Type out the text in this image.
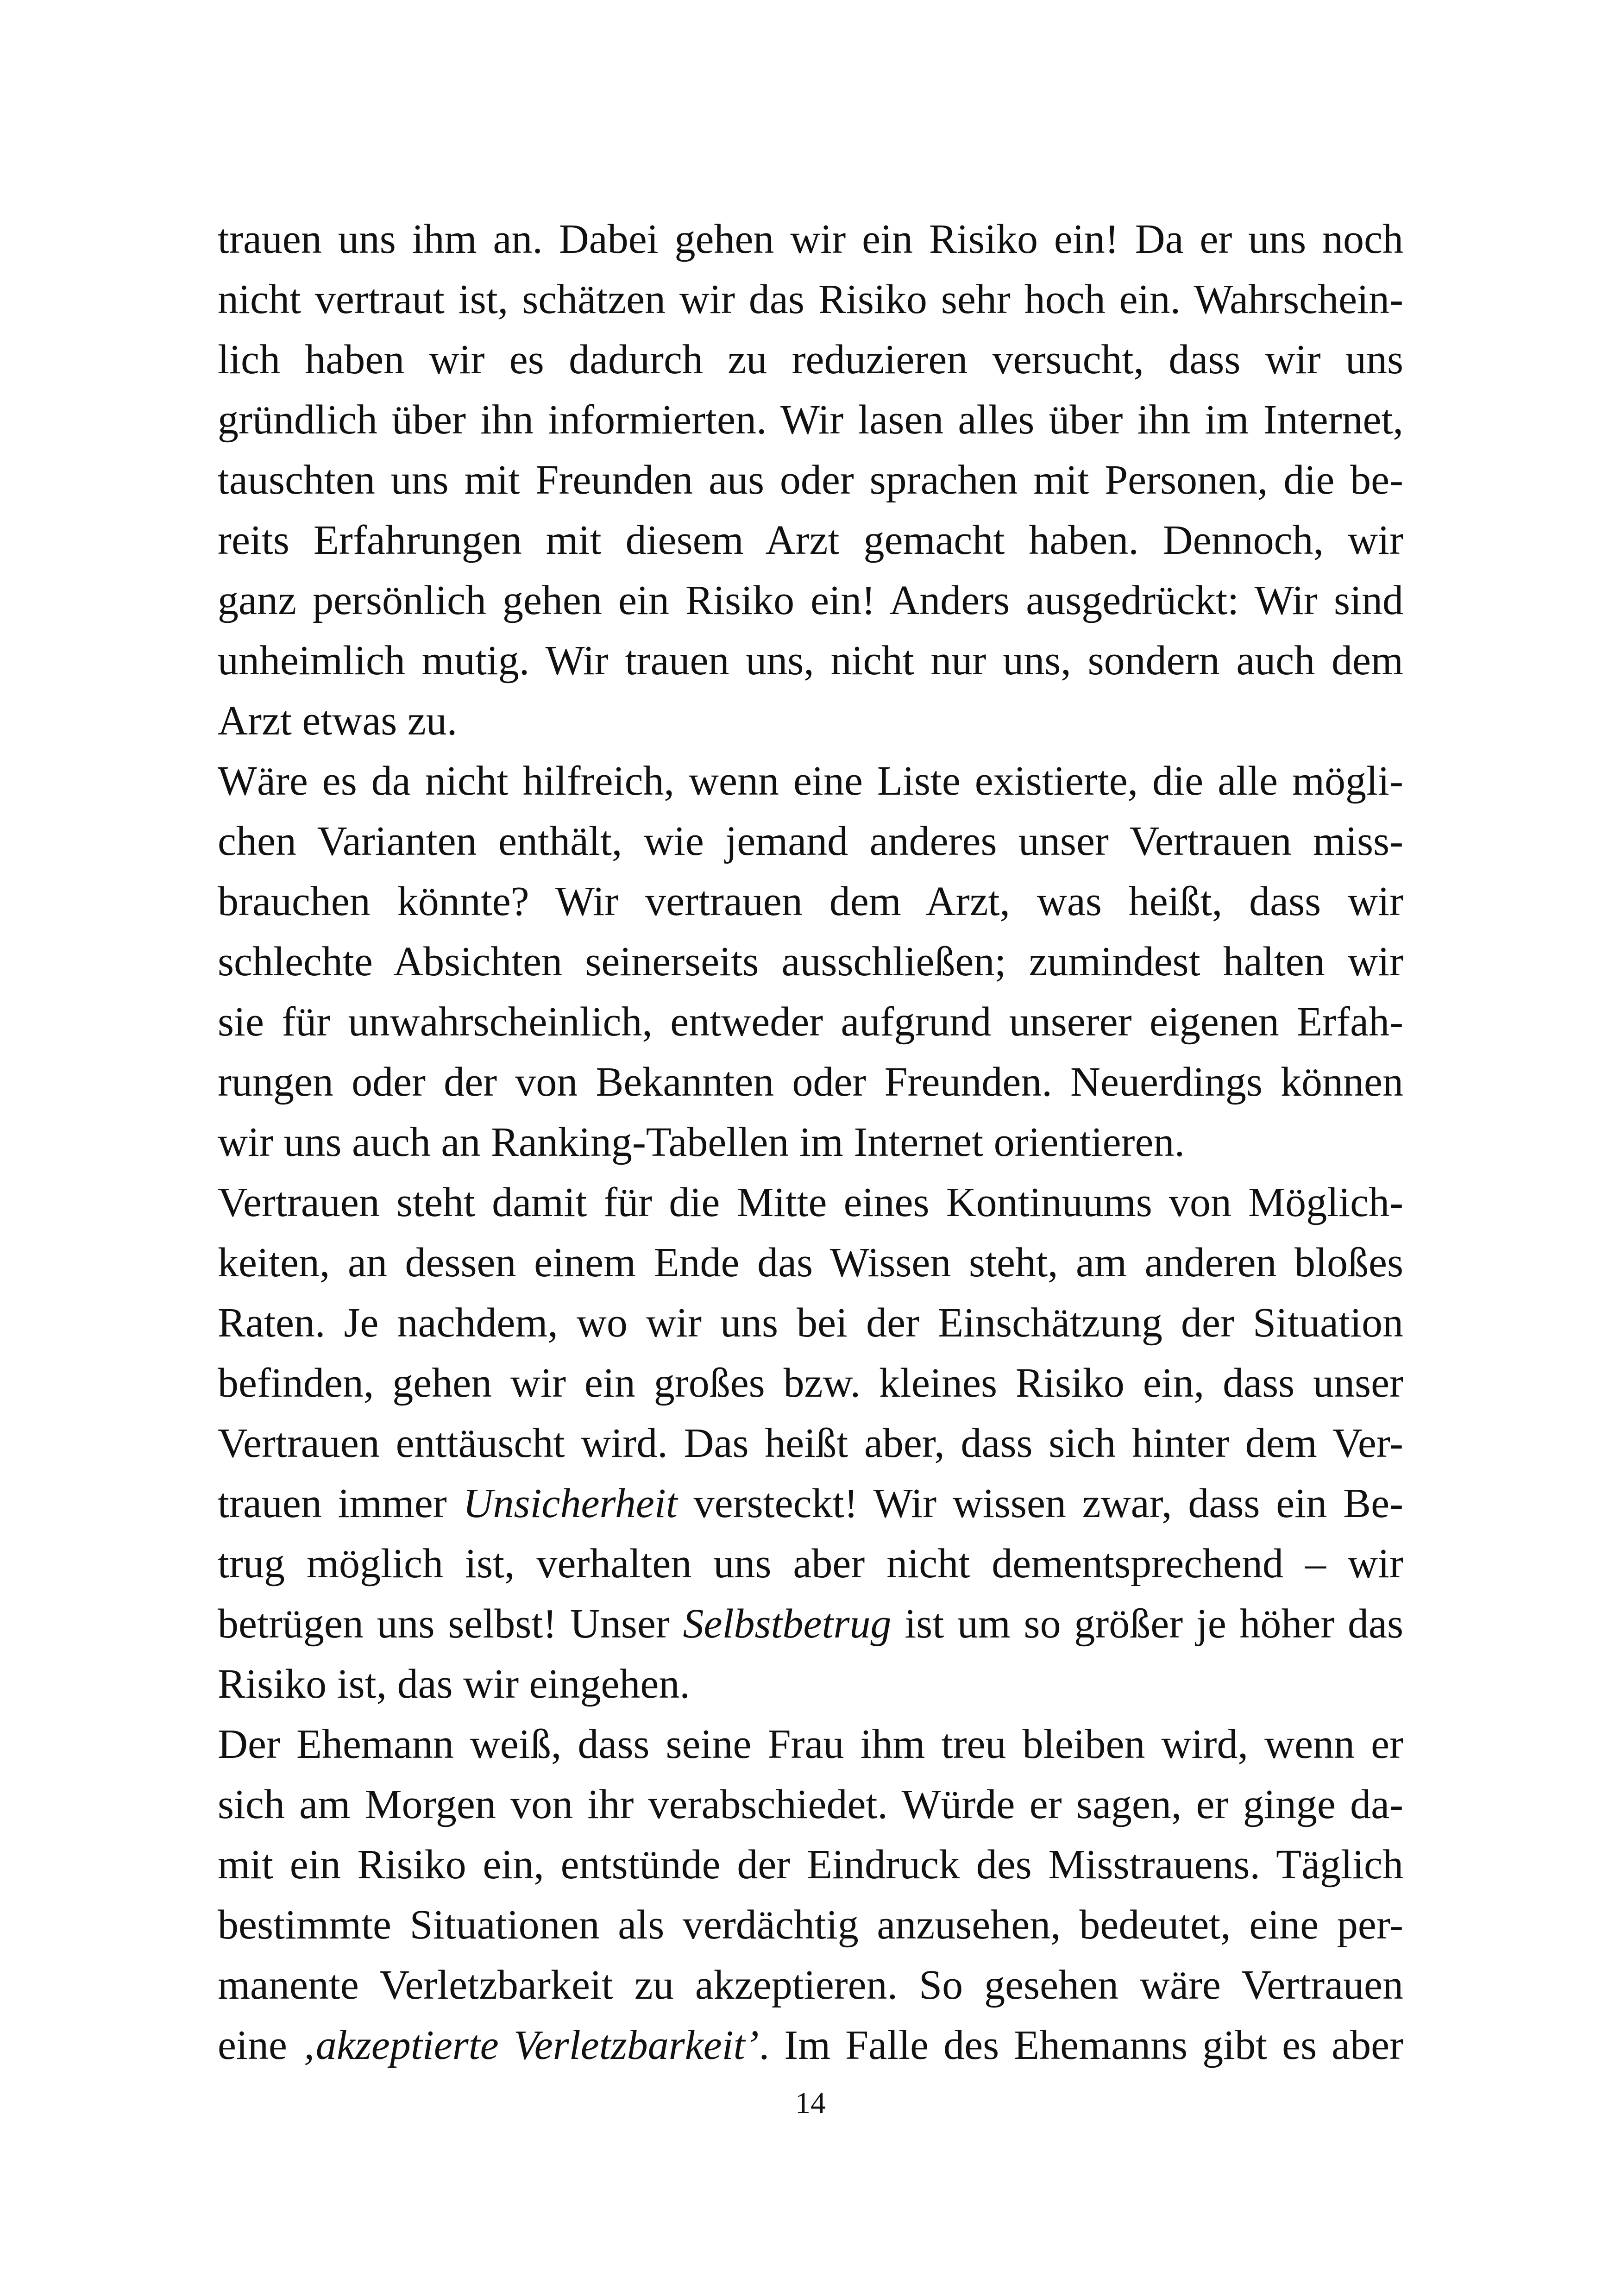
trauen uns ihm an. Dabei gehen wir ein Risiko ein! Da er uns noch
nicht vertraut ist, schätzen wir das Risiko sehr hoch ein. Wahrschein-
lich haben wir es dadurch zu reduzieren versucht, dass wir uns
gründlich über ihn informierten. Wir lasen alles über ihn im Internet,
tauschten uns mit Freunden aus oder sprachen mit Personen, die be-
reits Erfahrungen mit diesem Arzt gemacht haben. Dennoch, wir
ganz persönlich gehen ein Risiko ein! Anders ausgedrückt: Wir sind
unheimlich mutig. Wir trauen uns, nicht nur uns, sondern auch dem
Arzt etwas zu.
Wäre es da nicht hilfreich, wenn eine Liste existierte, die alle mögli-
chen Varianten enthält, wie jemand anderes unser Vertrauen miss-
brauchen könnte? Wir vertrauen dem Arzt, was heißt, dass wir
schlechte Absichten seinerseits ausschließen; zumindest halten wir
sie für unwahrscheinlich, entweder aufgrund unserer eigenen Erfah-
rungen oder der von Bekannten oder Freunden. Neuerdings können
wir uns auch an Ranking-Tabellen im Internet orientieren.
Vertrauen steht damit für die Mitte eines Kontinuums von Möglich-
keiten, an dessen einem Ende das Wissen steht, am anderen bloßes
Raten. Je nachdem, wo wir uns bei der Einschätzung der Situation
befinden, gehen wir ein großes bzw. kleines Risiko ein, dass unser
Vertrauen enttäuscht wird. Das heißt aber, dass sich hinter dem Ver-
trauen immer Unsicherheit versteckt! Wir wissen zwar, dass ein Be-
trug möglich ist, verhalten uns aber nicht dementsprechend – wir
betrügen uns selbst! Unser Selbstbetrug ist um so größer je höher das
Risiko ist, das wir eingehen.
Der Ehemann weiß, dass seine Frau ihm treu bleiben wird, wenn er
sich am Morgen von ihr verabschiedet. Würde er sagen, er ginge da-
mit ein Risiko ein, entstünde der Eindruck des Misstrauens. Täglich
bestimmte Situationen als verdächtig anzusehen, bedeutet, eine per-
manente Verletzbarkeit zu akzeptieren. So gesehen wäre Vertrauen
eine ‚akzeptierte Verletzbarkeit’. Im Falle des Ehemanns gibt es aber
14
